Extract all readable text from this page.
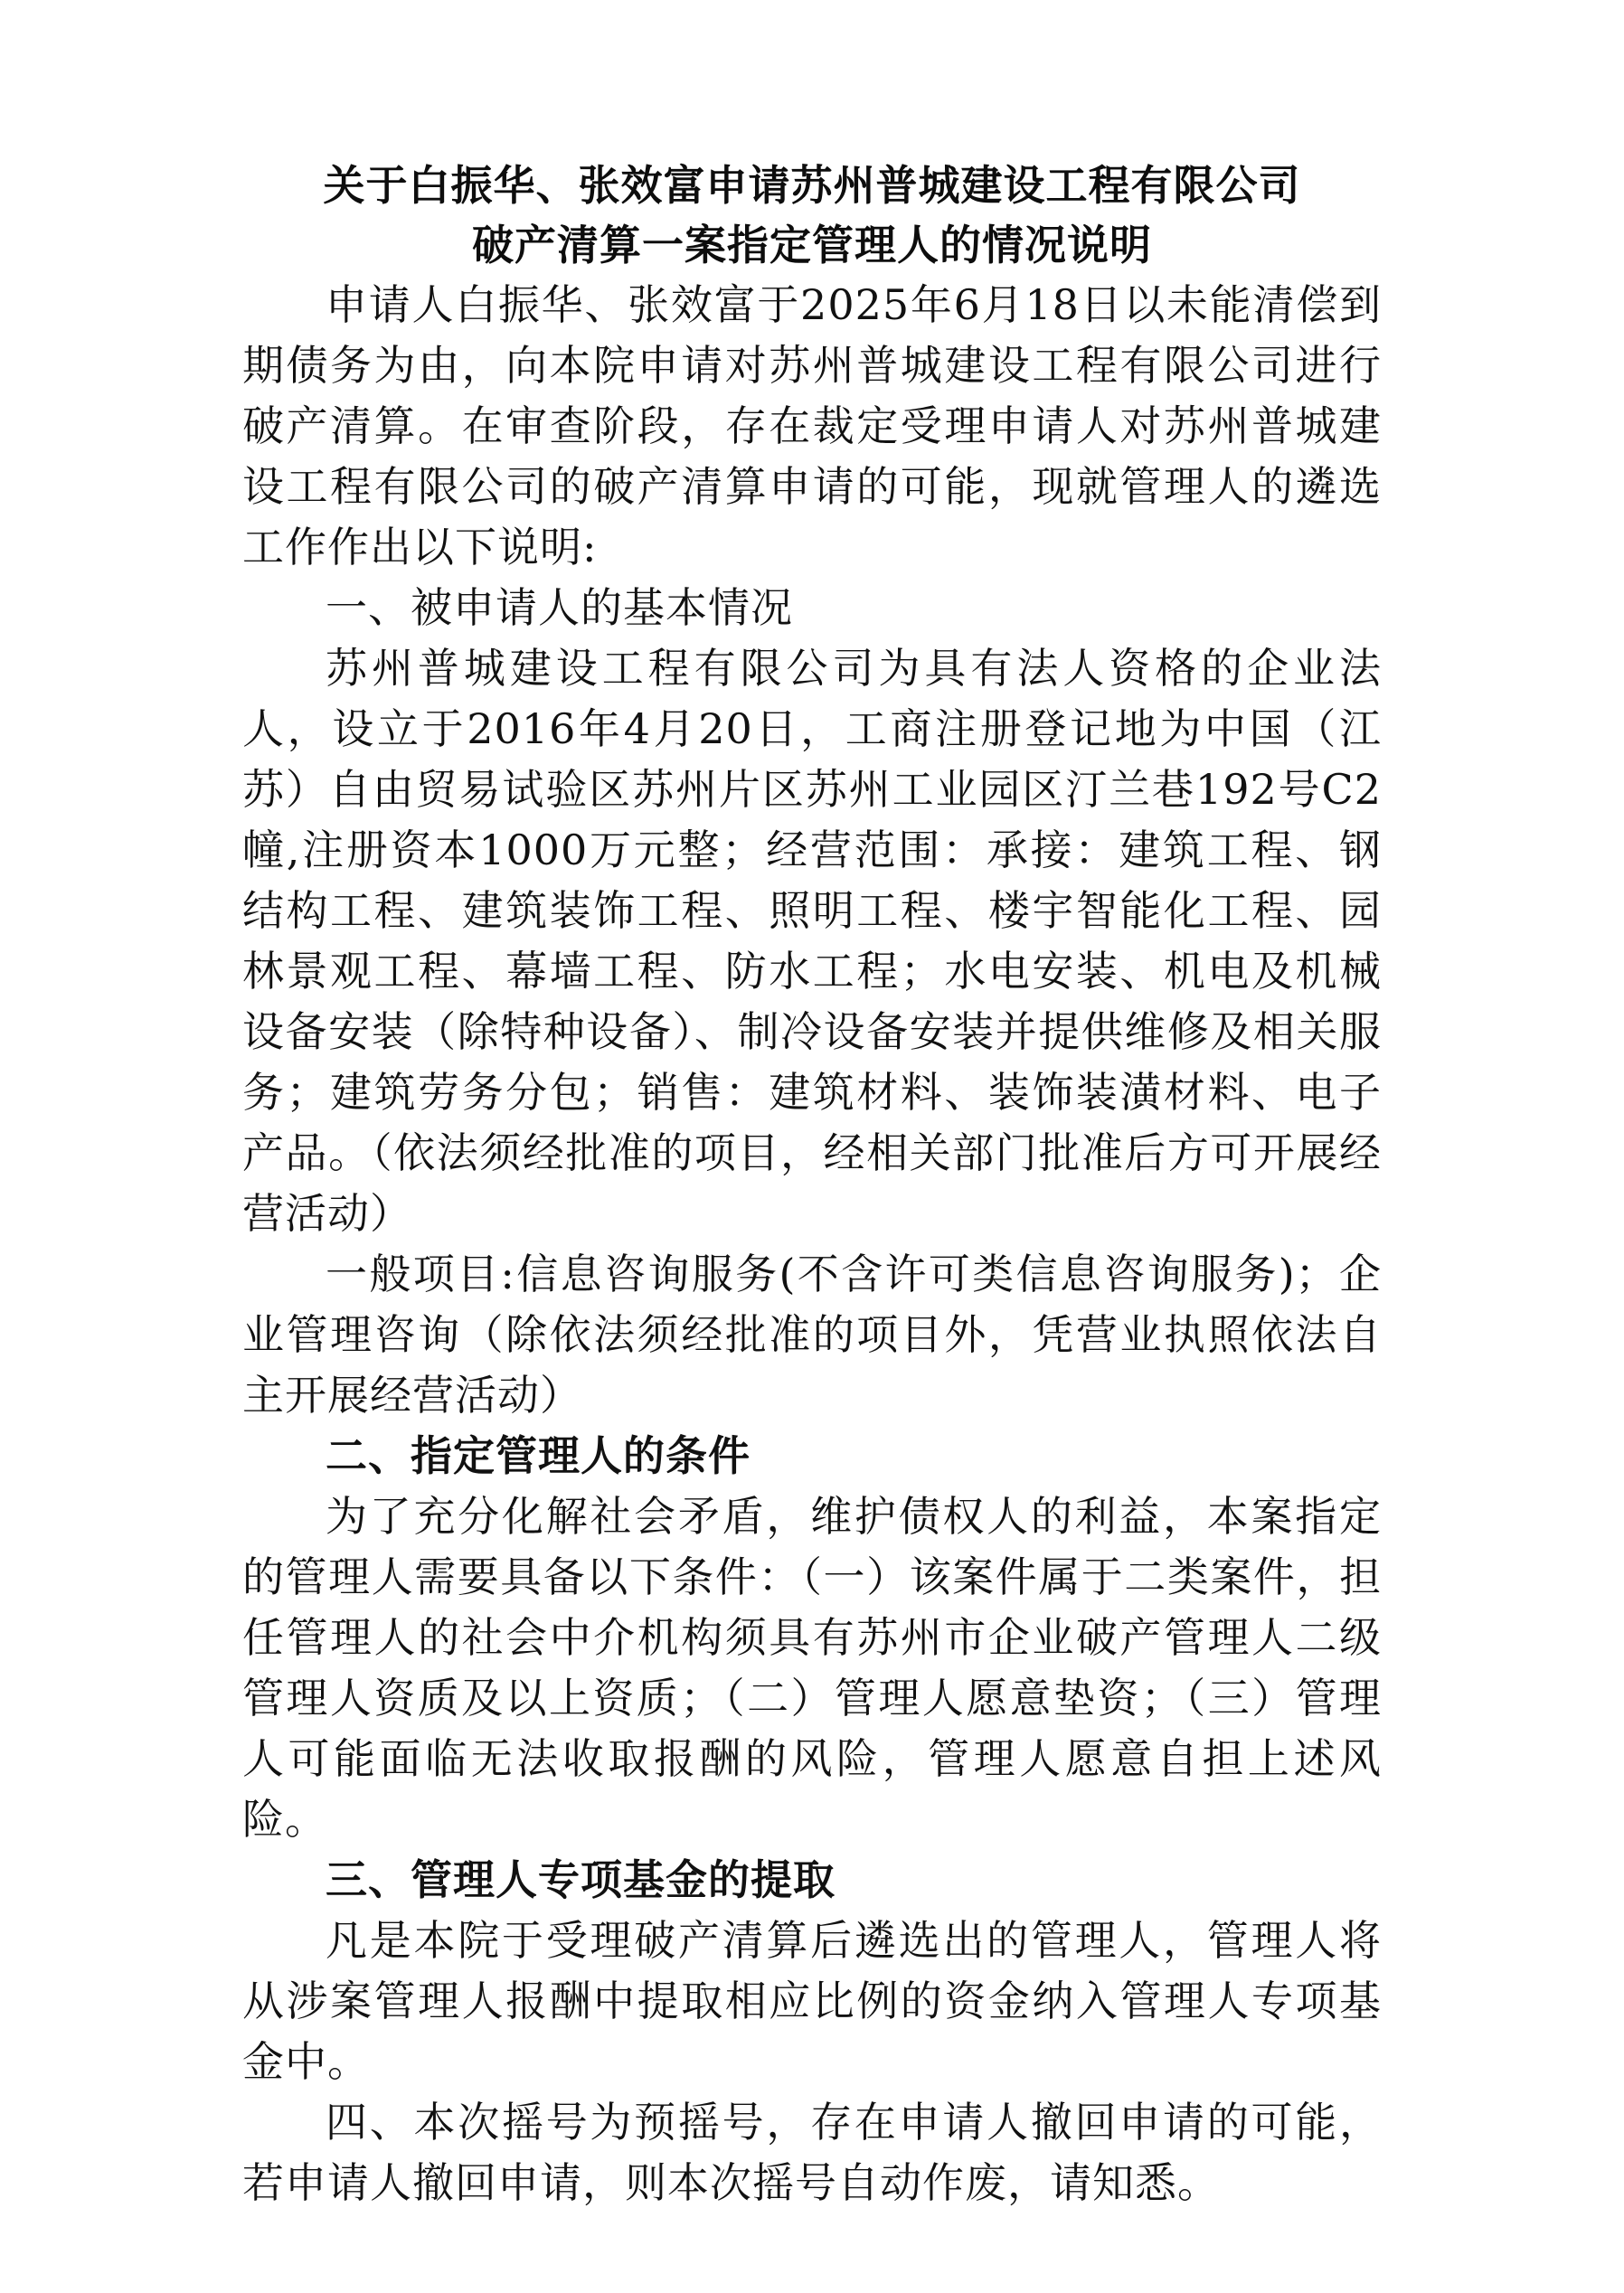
关于白振华、张效富申请苏州普城建设工程有限公司
破产清算一案指定管理人的情况说明

申请人白振华、张效富于2025年6月18日以未能清偿到期债务为由，向本院申请对苏州普城建设工程有限公司进行破产清算。在审查阶段，存在裁定受理申请人对苏州普城建设工程有限公司的破产清算申请的可能，现就管理人的遴选工作作出以下说明:

一、被申请人的基本情况

苏州普城建设工程有限公司为具有法人资格的企业法人，设立于2016年4月20日，工商注册登记地为中国（江苏）自由贸易试验区苏州片区苏州工业园区汀兰巷192号C2幢,注册资本1000万元整；经营范围：承接：建筑工程、钢结构工程、建筑装饰工程、照明工程、楼宇智能化工程、园林景观工程、幕墙工程、防水工程；水电安装、机电及机械设备安装（除特种设备）、制冷设备安装并提供维修及相关服务；建筑劳务分包；销售：建筑材料、装饰装潢材料、电子产品。（依法须经批准的项目，经相关部门批准后方可开展经营活动）

一般项目:信息咨询服务(不含许可类信息咨询服务)；企业管理咨询（除依法须经批准的项目外，凭营业执照依法自主开展经营活动）

二、指定管理人的条件

为了充分化解社会矛盾，维护债权人的利益，本案指定的管理人需要具备以下条件：（一）该案件属于二类案件，担任管理人的社会中介机构须具有苏州市企业破产管理人二级管理人资质及以上资质；（二）管理人愿意垫资；（三）管理人可能面临无法收取报酬的风险，管理人愿意自担上述风险。

三、管理人专项基金的提取

凡是本院于受理破产清算后遴选出的管理人，管理人将从涉案管理人报酬中提取相应比例的资金纳入管理人专项基金中。

四、本次摇号为预摇号，存在申请人撤回申请的可能，若申请人撤回申请，则本次摇号自动作废，请知悉。
